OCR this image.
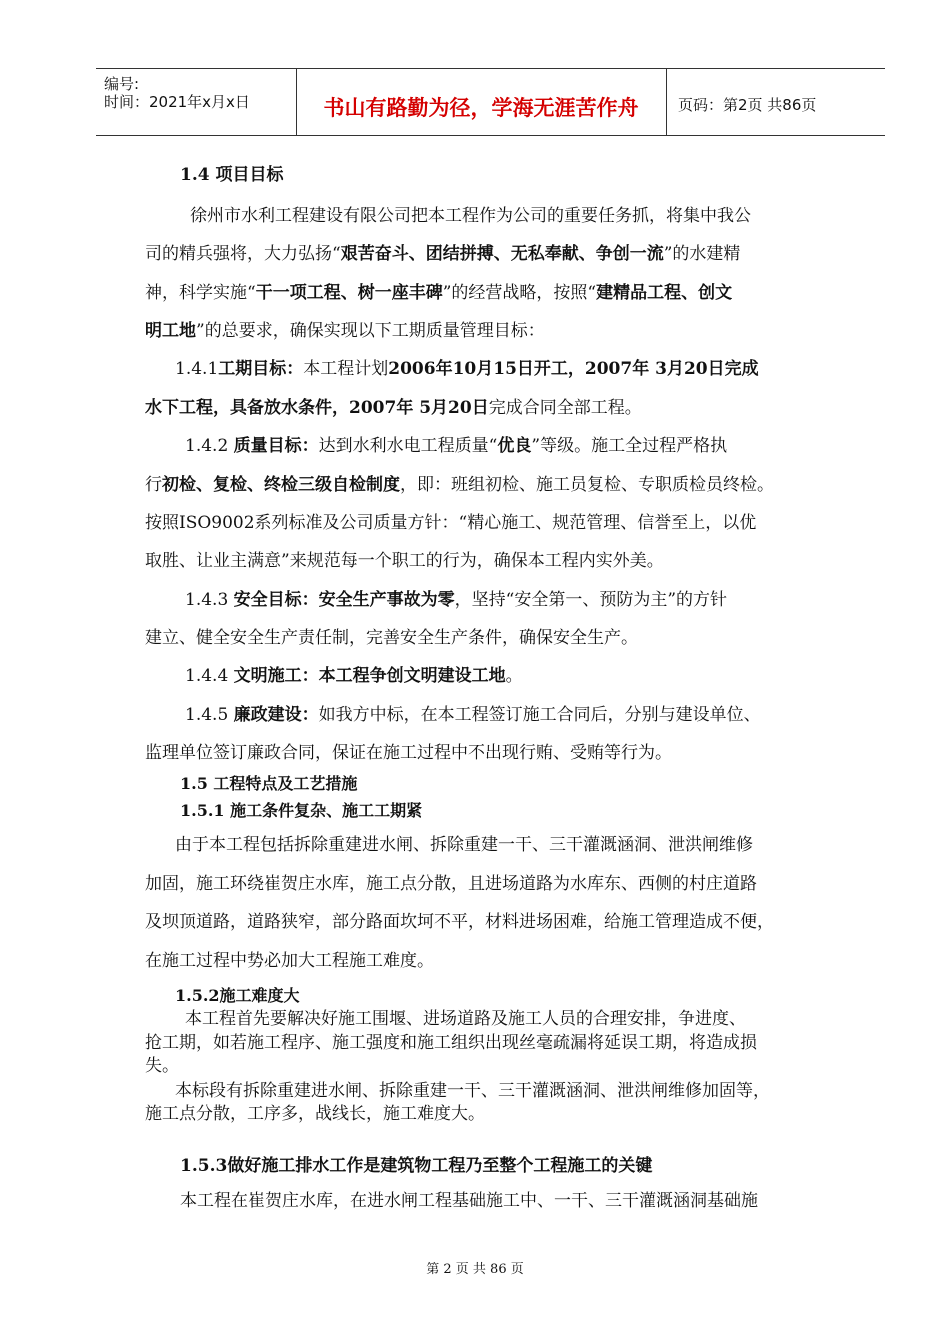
编号:
时间：2021年x月x日	书山有路勤为径，学海无涯苦作舟	页码：第2页 共86页
1.4 项目目标
徐州市水利工程建设有限公司把本工程作为公司的重要任务抓，将集中我公
司的精兵强将，大力弘扬“艰苦奋斗、团结拼搏、无私奉献、争创一流”的水建精
神，科学实施“干一项工程、树一座丰碑”的经营战略，按照“建精品工程、创文
明工地”的总要求，确保实现以下工期质量管理目标：
1.4.1工期目标：本工程计划2006年10月15日开工，2007年 3月20日完成
水下工程，具备放水条件，2007年 5月20日完成合同全部工程。
1.4.2 质量目标：达到水利水电工程质量“优良”等级。施工全过程严格执
行初检、复检、终检三级自检制度，即：班组初检、施工员复检、专职质检员终检。
按照ISO9002系列标准及公司质量方针：“精心施工、规范管理、信誉至上，以优
取胜、让业主满意”来规范每一个职工的行为，确保本工程内实外美。
1.4.3 安全目标：安全生产事故为零，坚持“安全第一、预防为主”的方针
建立、健全安全生产责任制，完善安全生产条件，确保安全生产。
1.4.4 文明施工：本工程争创文明建设工地。
1.4.5 廉政建设：如我方中标，在本工程签订施工合同后，分别与建设单位、
监理单位签订廉政合同，保证在施工过程中不出现行贿、受贿等行为。
1.5 工程特点及工艺措施
1.5.1 施工条件复杂、施工工期紧
由于本工程包括拆除重建进水闸、拆除重建一干、三干灌溉涵洞、泄洪闸维修
加固，施工环绕崔贺庄水库，施工点分散，且进场道路为水库东、西侧的村庄道路
及坝顶道路，道路狭窄，部分路面坎坷不平，材料进场困难，给施工管理造成不便，
在施工过程中势必加大工程施工难度。
1.5.2施工难度大
本工程首先要解决好施工围堰、进场道路及施工人员的合理安排，争进度、
抢工期，如若施工程序、施工强度和施工组织出现丝毫疏漏将延误工期，将造成损
失。
本标段有拆除重建进水闸、拆除重建一干、三干灌溉涵洞、泄洪闸维修加固等，
施工点分散，工序多，战线长，施工难度大。
1.5.3做好施工排水工作是建筑物工程乃至整个工程施工的关键
本工程在崔贺庄水库，在进水闸工程基础施工中、一干、三干灌溉涵洞基础施
第 2 页 共 86 页
